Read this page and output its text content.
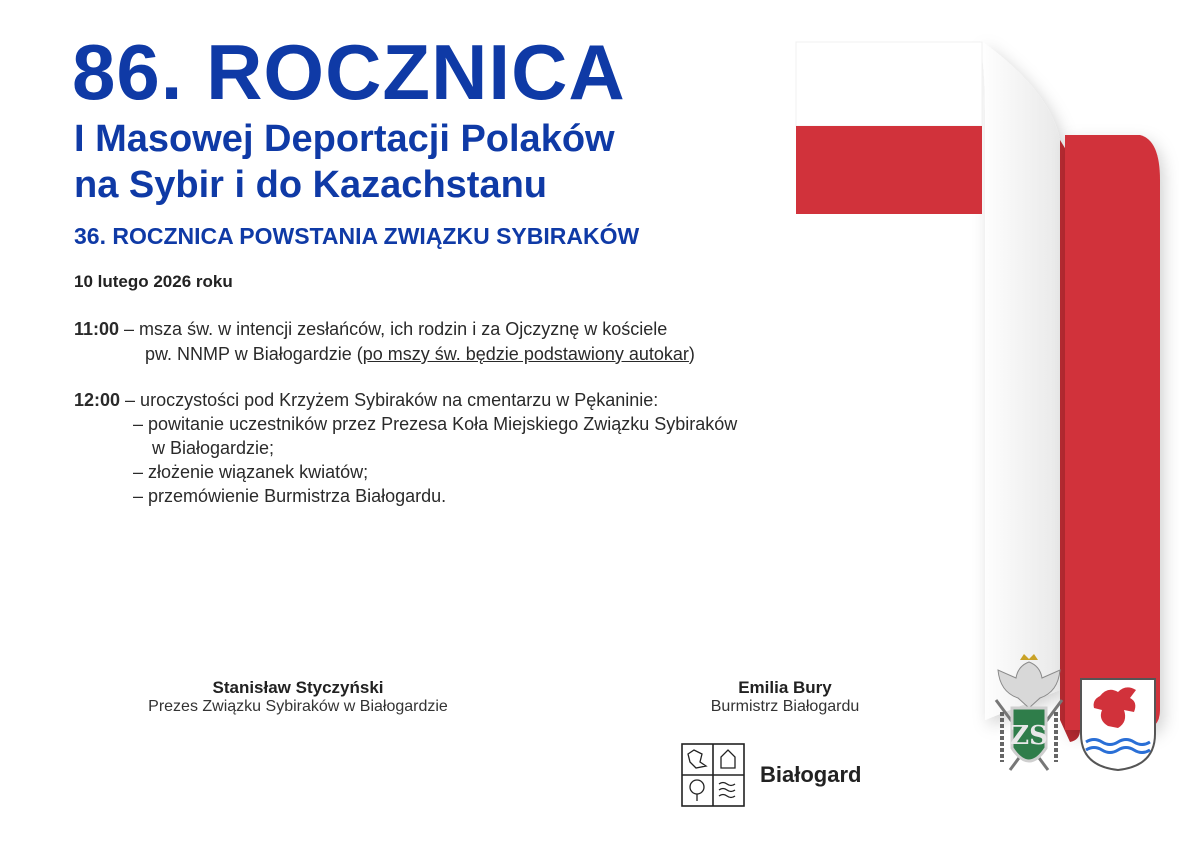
86. ROCZNICA
I Masowej Deportacji Polaków
na Sybir i do Kazachstanu
36. ROCZNICA POWSTANIA ZWIĄZKU SYBIRAKÓW
10 lutego 2026 roku
11:00 – msza św. w intencji zesłańców, ich rodzin i za Ojczyznę w kościele
pw. NNMP w Białogardzie (po mszy św. będzie podstawiony autokar)
12:00 – uroczystości pod Krzyżem Sybiraków na cmentarzu w Pękaninie:
– powitanie uczestników przez Prezesa Koła Miejskiego Związku Sybiraków
w Białogardzie;
– złożenie wiązanek kwiatów;
– przemówienie Burmistrza Białogardu.
Stanisław Styczyński
Prezes Związku Sybiraków w Białogardzie
Emilia Bury
Burmistrz Białogardu
Białogard
ZS
